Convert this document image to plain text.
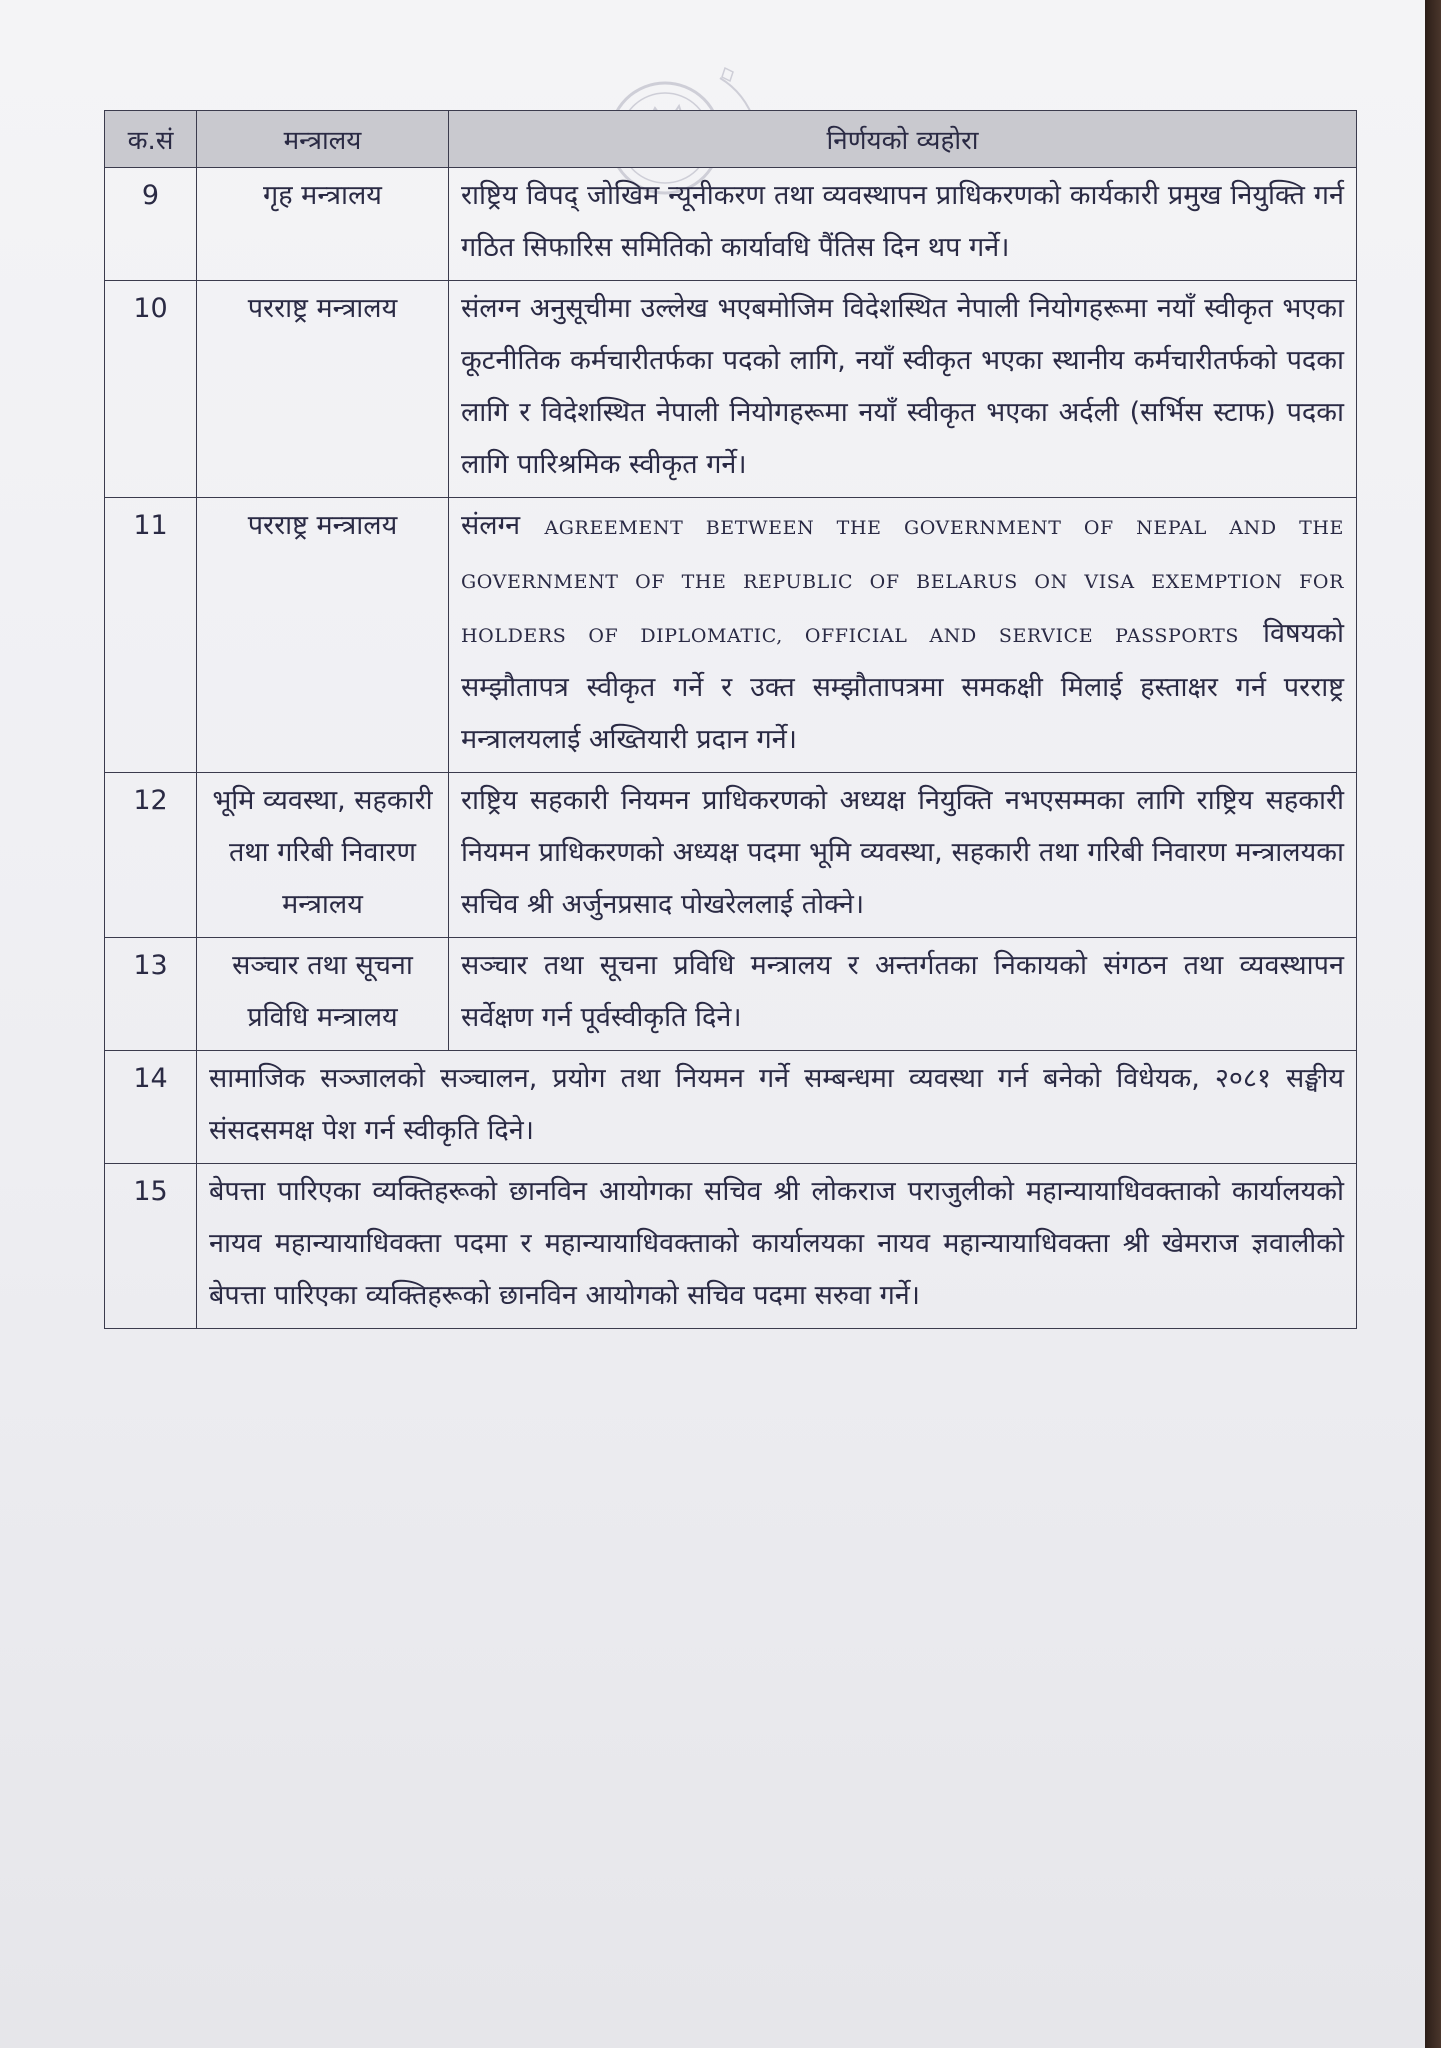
क.सं	मन्त्रालय	निर्णयको व्यहोरा
9	गृह मन्त्रालय	राष्ट्रिय विपद् जोखिम न्यूनीकरण तथा व्यवस्थापन प्राधिकरणको कार्यकारी प्रमुख नियुक्ति गर्न गठित सिफारिस समितिको कार्यावधि पैंतिस दिन थप गर्ने।
10	परराष्ट्र मन्त्रालय	संलग्न अनुसूचीमा उल्लेख भएबमोजिम विदेशस्थित नेपाली नियोगहरूमा नयाँ स्वीकृत भएका कूटनीतिक कर्मचारीतर्फका पदको लागि, नयाँ स्वीकृत भएका स्थानीय कर्मचारीतर्फको पदका लागि र विदेशस्थित नेपाली नियोगहरूमा नयाँ स्वीकृत भएका अर्दली (सर्भिस स्टाफ) पदका लागि पारिश्रमिक स्वीकृत गर्ने।
11	परराष्ट्र मन्त्रालय	संलग्न AGREEMENT BETWEEN THE GOVERNMENT OF NEPAL AND THE GOVERNMENT OF THE REPUBLIC OF BELARUS ON VISA EXEMPTION FOR HOLDERS OF DIPLOMATIC, OFFICIAL AND SERVICE PASSPORTS विषयको सम्झौतापत्र स्वीकृत गर्ने र उक्त सम्झौतापत्रमा समकक्षी मिलाई हस्ताक्षर गर्न परराष्ट्र मन्त्रालयलाई अख्तियारी प्रदान गर्ने।
12	भूमि व्यवस्था, सहकारी तथा गरिबी निवारण मन्त्रालय	राष्ट्रिय सहकारी नियमन प्राधिकरणको अध्यक्ष नियुक्ति नभएसम्मका लागि राष्ट्रिय सहकारी नियमन प्राधिकरणको अध्यक्ष पदमा भूमि व्यवस्था, सहकारी तथा गरिबी निवारण मन्त्रालयका सचिव श्री अर्जुनप्रसाद पोखरेललाई तोक्ने।
13	सञ्चार तथा सूचना प्रविधि मन्त्रालय	सञ्चार तथा सूचना प्रविधि मन्त्रालय र अन्तर्गतका निकायको संगठन तथा व्यवस्थापन सर्वेक्षण गर्न पूर्वस्वीकृति दिने।
14	सामाजिक सञ्जालको सञ्चालन, प्रयोग तथा नियमन गर्ने सम्बन्धमा व्यवस्था गर्न बनेको विधेयक, २०८१ सङ्घीय संसदसमक्ष पेश गर्न स्वीकृति दिने।	
15	बेपत्ता पारिएका व्यक्तिहरूको छानविन आयोगका सचिव श्री लोकराज पराजुलीको महान्यायाधिवक्ताको कार्यालयको नायव महान्यायाधिवक्ता पदमा र महान्यायाधिवक्ताको कार्यालयका नायव महान्यायाधिवक्ता श्री खेमराज ज्ञवालीको बेपत्ता पारिएका व्यक्तिहरूको छानविन आयोगको सचिव पदमा सरुवा गर्ने।	
